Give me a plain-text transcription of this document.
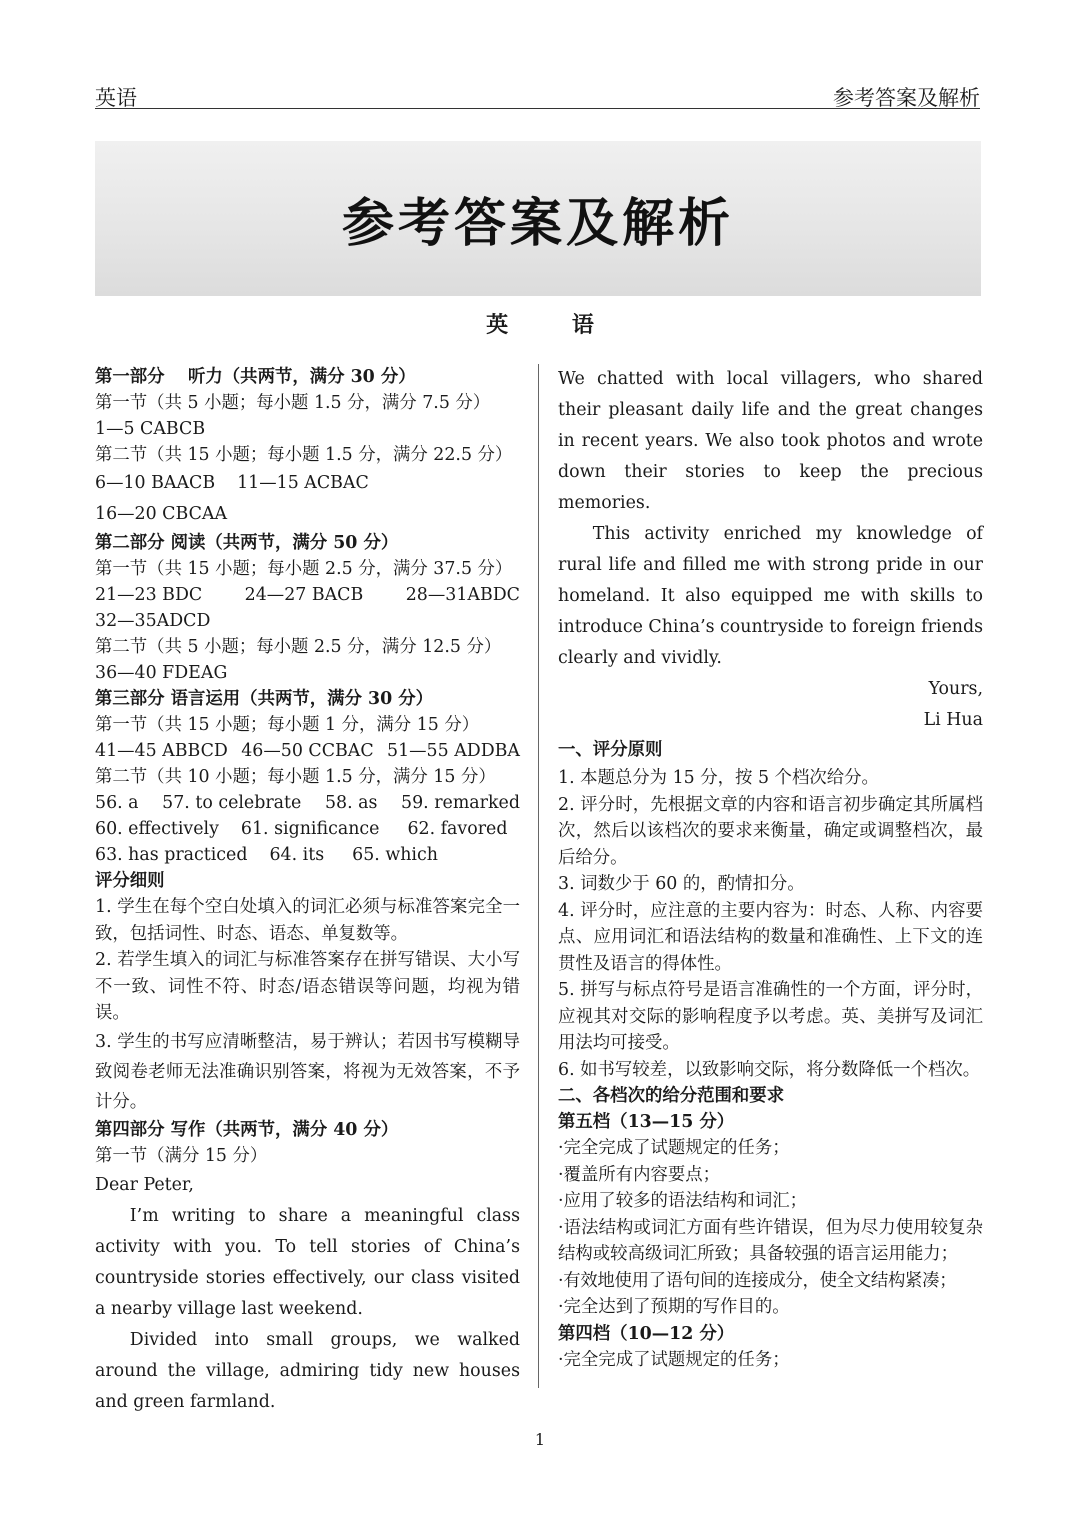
英语	参考答案及解析
参考答案及解析
英 语
第一部分　 听力（共两节，满分 30 分）
第一节（共 5 小题；每小题 1.5 分，满分 7.5 分）
1—5 CABCB
第二节（共 15 小题；每小题 1.5 分，满分 22.5 分）
6—10 BAACB 11—15 ACBAC
16—20 CBCAA
第二部分 阅读（共两节，满分 50 分）
第一节（共 15 小题；每小题 2.5 分，满分 37.5 分）
21—23 BDC 24—27 BACB 28—31ABDC
32—35ADCD
第二节（共 5 小题；每小题 2.5 分，满分 12.5 分）
36—40 FDEAG
第三部分 语言运用（共两节，满分 30 分）
第一节（共 15 小题；每小题 1 分，满分 15 分）
41—45 ABBCD 46—50 CCBAC 51—55 ADDBA
第二节（共 10 小题；每小题 1.5 分，满分 15 分）
56. a 57. to celebrate 58. as 59. remarked
60. effectively 61. significance 62. favored
63. has practiced 64. its 65. which
评分细则
1. 学生在每个空白处填入的词汇必须与标准答案完全一致，包括词性、时态、语态、单复数等。
2. 若学生填入的词汇与标准答案存在拼写错误、大小写不一致、词性不符、时态/语态错误等问题，均视为错误。
3. 学生的书写应清晰整洁，易于辨认；若因书写模糊导致阅卷老师无法准确识别答案，将视为无效答案，不予计分。
第四部分 写作（共两节，满分 40 分）
第一节（满分 15 分）
Dear Peter,
I’m writing to share a meaningful class activity with you. To tell stories of China’s countryside stories effectively, our class visited a nearby village last weekend.
Divided into small groups, we walked around the village, admiring tidy new houses and green farmland.
We chatted with local villagers, who shared their pleasant daily life and the great changes in recent years. We also took photos and wrote down their stories to keep the precious memories.
This activity enriched my knowledge of rural life and filled me with strong pride in our homeland. It also equipped me with skills to introduce China’s countryside to foreign friends clearly and vividly.
Yours,
Li Hua
一、评分原则
1. 本题总分为 15 分，按 5 个档次给分。
2. 评分时，先根据文章的内容和语言初步确定其所属档次，然后以该档次的要求来衡量，确定或调整档次，最后给分。
3. 词数少于 60 的，酌情扣分。
4. 评分时，应注意的主要内容为：时态、人称、内容要点、应用词汇和语法结构的数量和准确性、上下文的连贯性及语言的得体性。
5. 拼写与标点符号是语言准确性的一个方面，评分时，应视其对交际的影响程度予以考虑。英、美拼写及词汇用法均可接受。
6. 如书写较差，以致影响交际，将分数降低一个档次。
二、各档次的给分范围和要求
第五档（13—15 分）
·完全完成了试题规定的任务；
·覆盖所有内容要点；
·应用了较多的语法结构和词汇；
·语法结构或词汇方面有些许错误，但为尽力使用较复杂结构或较高级词汇所致；具备较强的语言运用能力；
·有效地使用了语句间的连接成分，使全文结构紧凑；
·完全达到了预期的写作目的。
第四档（10—12 分）
·完全完成了试题规定的任务；
1
